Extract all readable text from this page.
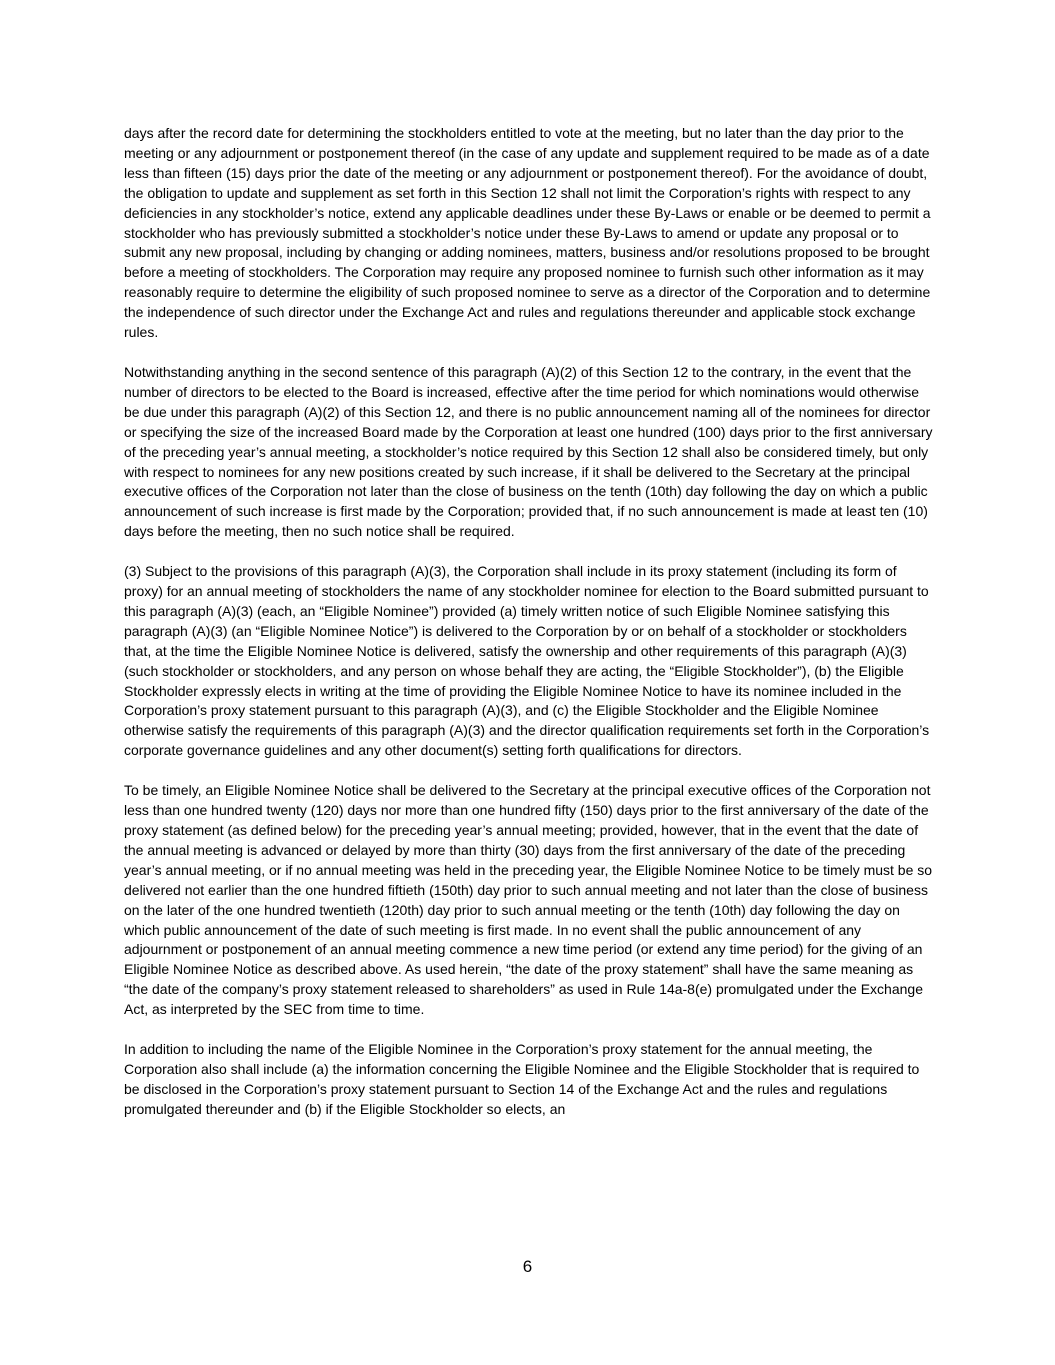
days after the record date for determining the stockholders entitled to vote at the meeting, but no later than the day prior to the meeting or any adjournment or postponement thereof (in the case of any update and supplement required to be made as of a date less than fifteen (15) days prior the date of the meeting or any adjournment or postponement thereof). For the avoidance of doubt, the obligation to update and supplement as set forth in this Section 12 shall not limit the Corporation’s rights with respect to any deficiencies in any stockholder’s notice, extend any applicable deadlines under these By-Laws or enable or be deemed to permit a stockholder who has previously submitted a stockholder’s notice under these By-Laws to amend or update any proposal or to submit any new proposal, including by changing or adding nominees, matters, business and/or resolutions proposed to be brought before a meeting of stockholders. The Corporation may require any proposed nominee to furnish such other information as it may reasonably require to determine the eligibility of such proposed nominee to serve as a director of the Corporation and to determine the independence of such director under the Exchange Act and rules and regulations thereunder and applicable stock exchange rules.

Notwithstanding anything in the second sentence of this paragraph (A)(2) of this Section 12 to the contrary, in the event that the number of directors to be elected to the Board is increased, effective after the time period for which nominations would otherwise be due under this paragraph (A)(2) of this Section 12, and there is no public announcement naming all of the nominees for director or specifying the size of the increased Board made by the Corporation at least one hundred (100) days prior to the first anniversary of the preceding year’s annual meeting, a stockholder’s notice required by this Section 12 shall also be considered timely, but only with respect to nominees for any new positions created by such increase, if it shall be delivered to the Secretary at the principal executive offices of the Corporation not later than the close of business on the tenth (10th) day following the day on which a public announcement of such increase is first made by the Corporation; provided that, if no such announcement is made at least ten (10) days before the meeting, then no such notice shall be required.

(3) Subject to the provisions of this paragraph (A)(3), the Corporation shall include in its proxy statement (including its form of proxy) for an annual meeting of stockholders the name of any stockholder nominee for election to the Board submitted pursuant to this paragraph (A)(3) (each, an “Eligible Nominee”) provided (a) timely written notice of such Eligible Nominee satisfying this paragraph (A)(3) (an “Eligible Nominee Notice”) is delivered to the Corporation by or on behalf of a stockholder or stockholders that, at the time the Eligible Nominee Notice is delivered, satisfy the ownership and other requirements of this paragraph (A)(3) (such stockholder or stockholders, and any person on whose behalf they are acting, the “Eligible Stockholder”), (b) the Eligible Stockholder expressly elects in writing at the time of providing the Eligible Nominee Notice to have its nominee included in the Corporation’s proxy statement pursuant to this paragraph (A)(3), and (c) the Eligible Stockholder and the Eligible Nominee otherwise satisfy the requirements of this paragraph (A)(3) and the director qualification requirements set forth in the Corporation’s corporate governance guidelines and any other document(s) setting forth qualifications for directors.

To be timely, an Eligible Nominee Notice shall be delivered to the Secretary at the principal executive offices of the Corporation not less than one hundred twenty (120) days nor more than one hundred fifty (150) days prior to the first anniversary of the date of the proxy statement (as defined below) for the preceding year’s annual meeting; provided, however, that in the event that the date of the annual meeting is advanced or delayed by more than thirty (30) days from the first anniversary of the date of the preceding year’s annual meeting, or if no annual meeting was held in the preceding year, the Eligible Nominee Notice to be timely must be so delivered not earlier than the one hundred fiftieth (150th) day prior to such annual meeting and not later than the close of business on the later of the one hundred twentieth (120th) day prior to such annual meeting or the tenth (10th) day following the day on which public announcement of the date of such meeting is first made. In no event shall the public announcement of any adjournment or postponement of an annual meeting commence a new time period (or extend any time period) for the giving of an Eligible Nominee Notice as described above. As used herein, “the date of the proxy statement” shall have the same meaning as “the date of the company’s proxy statement released to shareholders” as used in Rule 14a-8(e) promulgated under the Exchange Act, as interpreted by the SEC from time to time.

In addition to including the name of the Eligible Nominee in the Corporation’s proxy statement for the annual meeting, the Corporation also shall include (a) the information concerning the Eligible Nominee and the Eligible Stockholder that is required to be disclosed in the Corporation’s proxy statement pursuant to Section 14 of the Exchange Act and the rules and regulations promulgated thereunder and (b) if the Eligible Stockholder so elects, an

6
